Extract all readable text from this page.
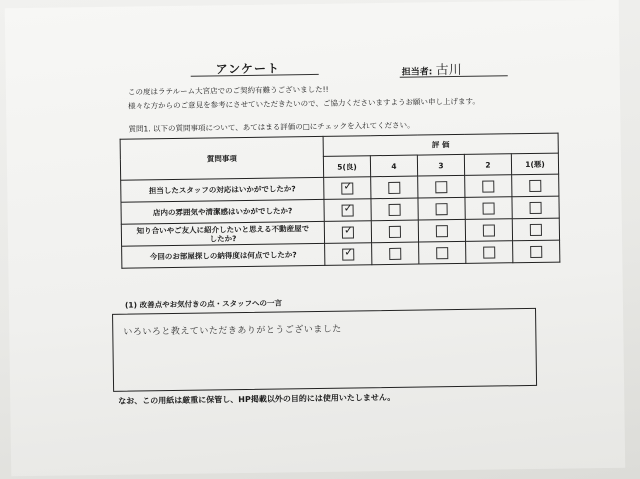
アンケート	担当者: 古川
この度はラテルーム大宮店でのご契約有難うございました!!
様々な方からのご意見を参考にさせていただきたいので、ご協力くださいますようお願い申し上げます。
質問1. 以下の質問事項について、あてはまる評価の□にチェックを入れてください。
質問事項	評 価				
	5(良)	4	3	2	1(悪)
担当したスタッフの対応はいかがでしたか?	✓				

店内の雰囲気や清潔感はいかがでしたか?	✓				

知り合いやご友人に紹介したいと思える不動産屋で
したか?	✓				

今回のお部屋探しの納得度は何点でしたか?	✓				

(1) 改善点やお気付きの点・スタッフへの一言
いろいろと教えていただきありがとうございました
なお、この用紙は厳重に保管し、HP掲載以外の目的には使用いたしません。
